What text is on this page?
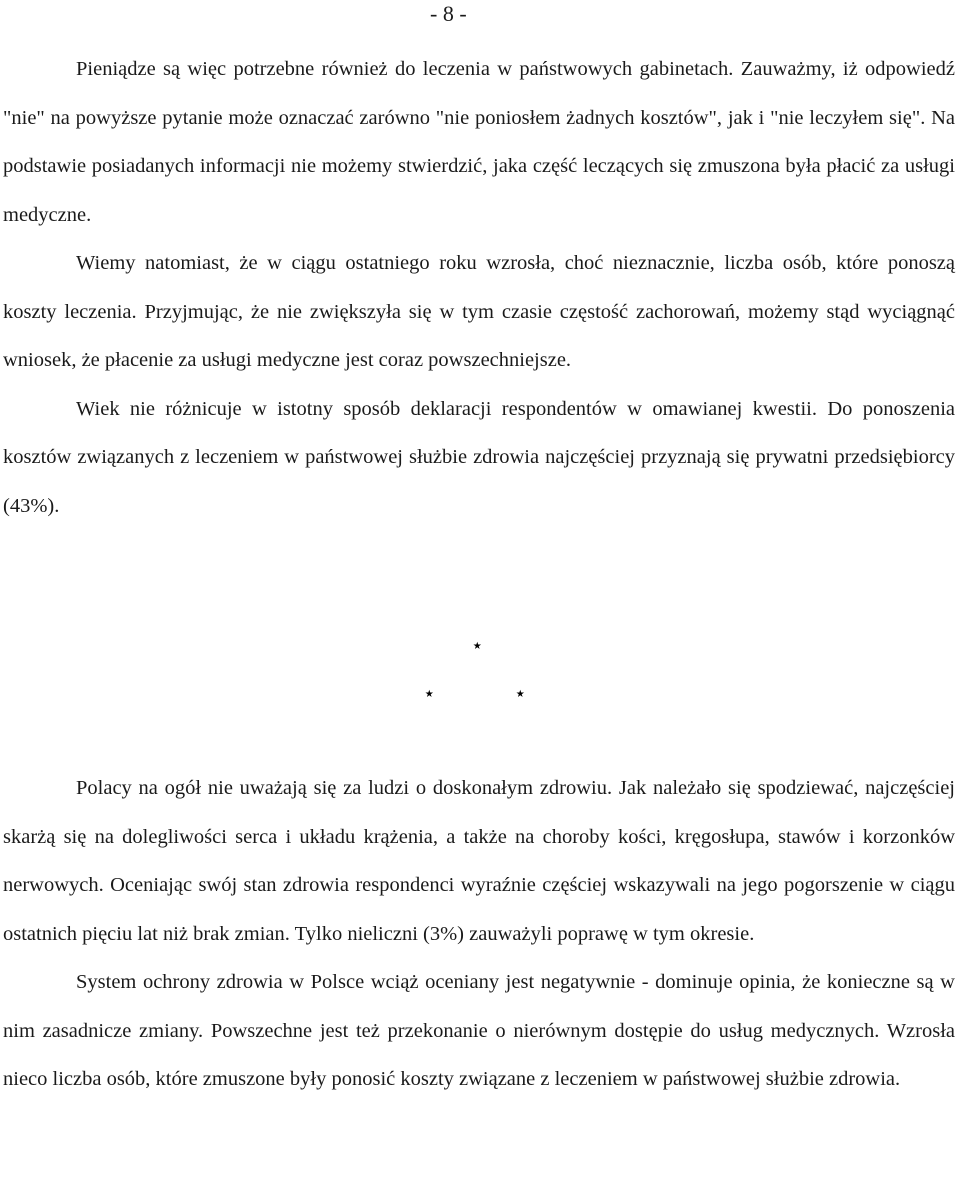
- 8 -

Pieniądze są więc potrzebne również do leczenia w państwowych gabinetach. Zauważmy, iż odpowiedź "nie" na powyższe pytanie może oznaczać zarówno "nie poniosłem żadnych kosztów", jak i "nie leczyłem się". Na podstawie posiadanych informacji nie możemy stwierdzić, jaka część leczących się zmuszona była płacić za usługi medyczne.

Wiemy natomiast, że w ciągu ostatniego roku wzrosła, choć nieznacznie, liczba osób, które ponoszą koszty leczenia. Przyjmując, że nie zwiększyła się w tym czasie częstość zachorowań, możemy stąd wyciągnąć wniosek, że płacenie za usługi medyczne jest coraz powszechniejsze.

Wiek nie różnicuje w istotny sposób deklaracji respondentów w omawianej kwestii. Do ponoszenia kosztów związanych z leczeniem w państwowej służbie zdrowia najczęściej przyznają się prywatni przedsiębiorcy (43%).

⋆
⋆	⋆

Polacy na ogół nie uważają się za ludzi o doskonałym zdrowiu. Jak należało się spodziewać, najczęściej skarżą się na dolegliwości serca i układu krążenia, a także na choroby kości, kręgosłupa, stawów i korzonków nerwowych. Oceniając swój stan zdrowia respondenci wyraźnie częściej wskazywali na jego pogorszenie w ciągu ostatnich pięciu lat niż brak zmian. Tylko nieliczni (3%) zauważyli poprawę w tym okresie.

System ochrony zdrowia w Polsce wciąż oceniany jest negatywnie - dominuje opinia, że konieczne są w nim zasadnicze zmiany. Powszechne jest też przekonanie o nierównym dostępie do usług medycznych. Wzrosła nieco liczba osób, które zmuszone były ponosić koszty związane z leczeniem w państwowej służbie zdrowia.
